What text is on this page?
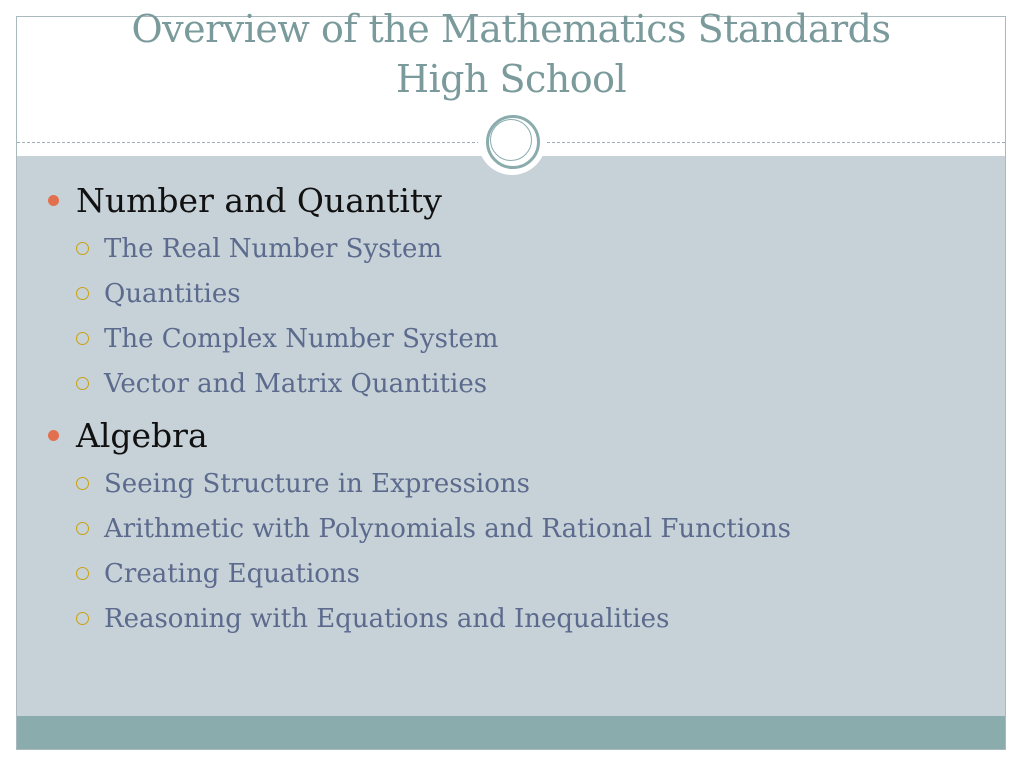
Overview of the Mathematics Standards
High School
Number and Quantity
The Real Number System
Quantities
The Complex Number System
Vector and Matrix Quantities
Algebra
Seeing Structure in Expressions
Arithmetic with Polynomials and Rational Functions
Creating Equations
Reasoning with Equations and Inequalities
